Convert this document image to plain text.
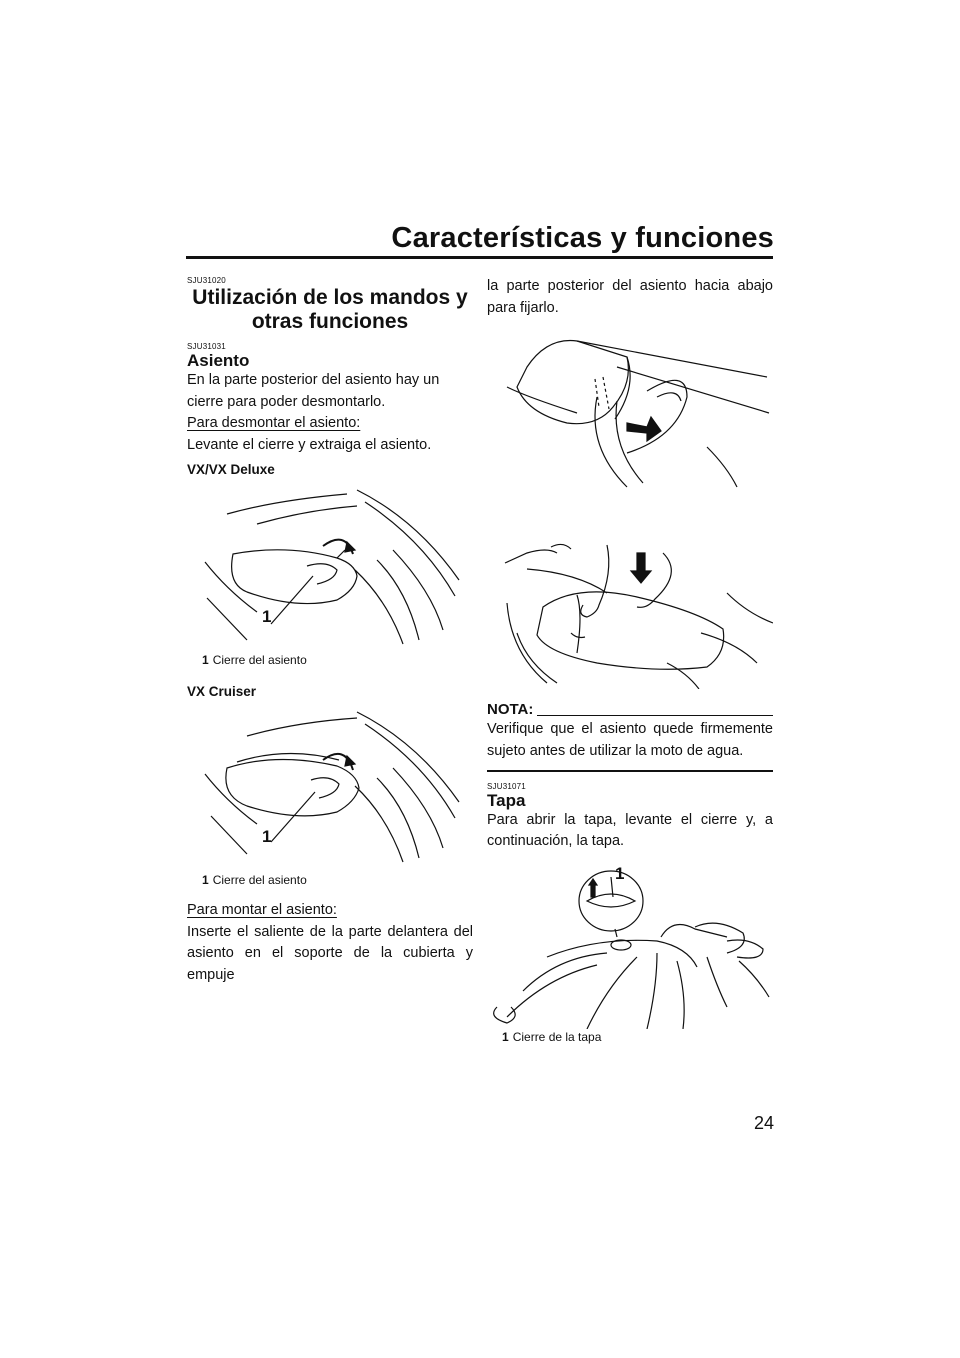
Características y funciones

SJU31020

Utilización de los mandos y otras funciones

SJU31031

Asiento

En la parte posterior del asiento hay un cierre para poder desmontarlo.

Para desmontar el asiento:

Levante el cierre y extraiga el asiento.

VX/VX Deluxe

1

1 Cierre del asiento

VX Cruiser

1

1 Cierre del asiento

Para montar el asiento:

Inserte el saliente de la parte delantera del asiento en el soporte de la cubierta y empuje

la parte posterior del asiento hacia abajo para fijarlo.

NOTA:

Verifique que el asiento quede firmemente sujeto antes de utilizar la moto de agua.

SJU31071

Tapa

Para abrir la tapa, levante el cierre y, a continuación, la tapa.

1

1 Cierre de la tapa

24
